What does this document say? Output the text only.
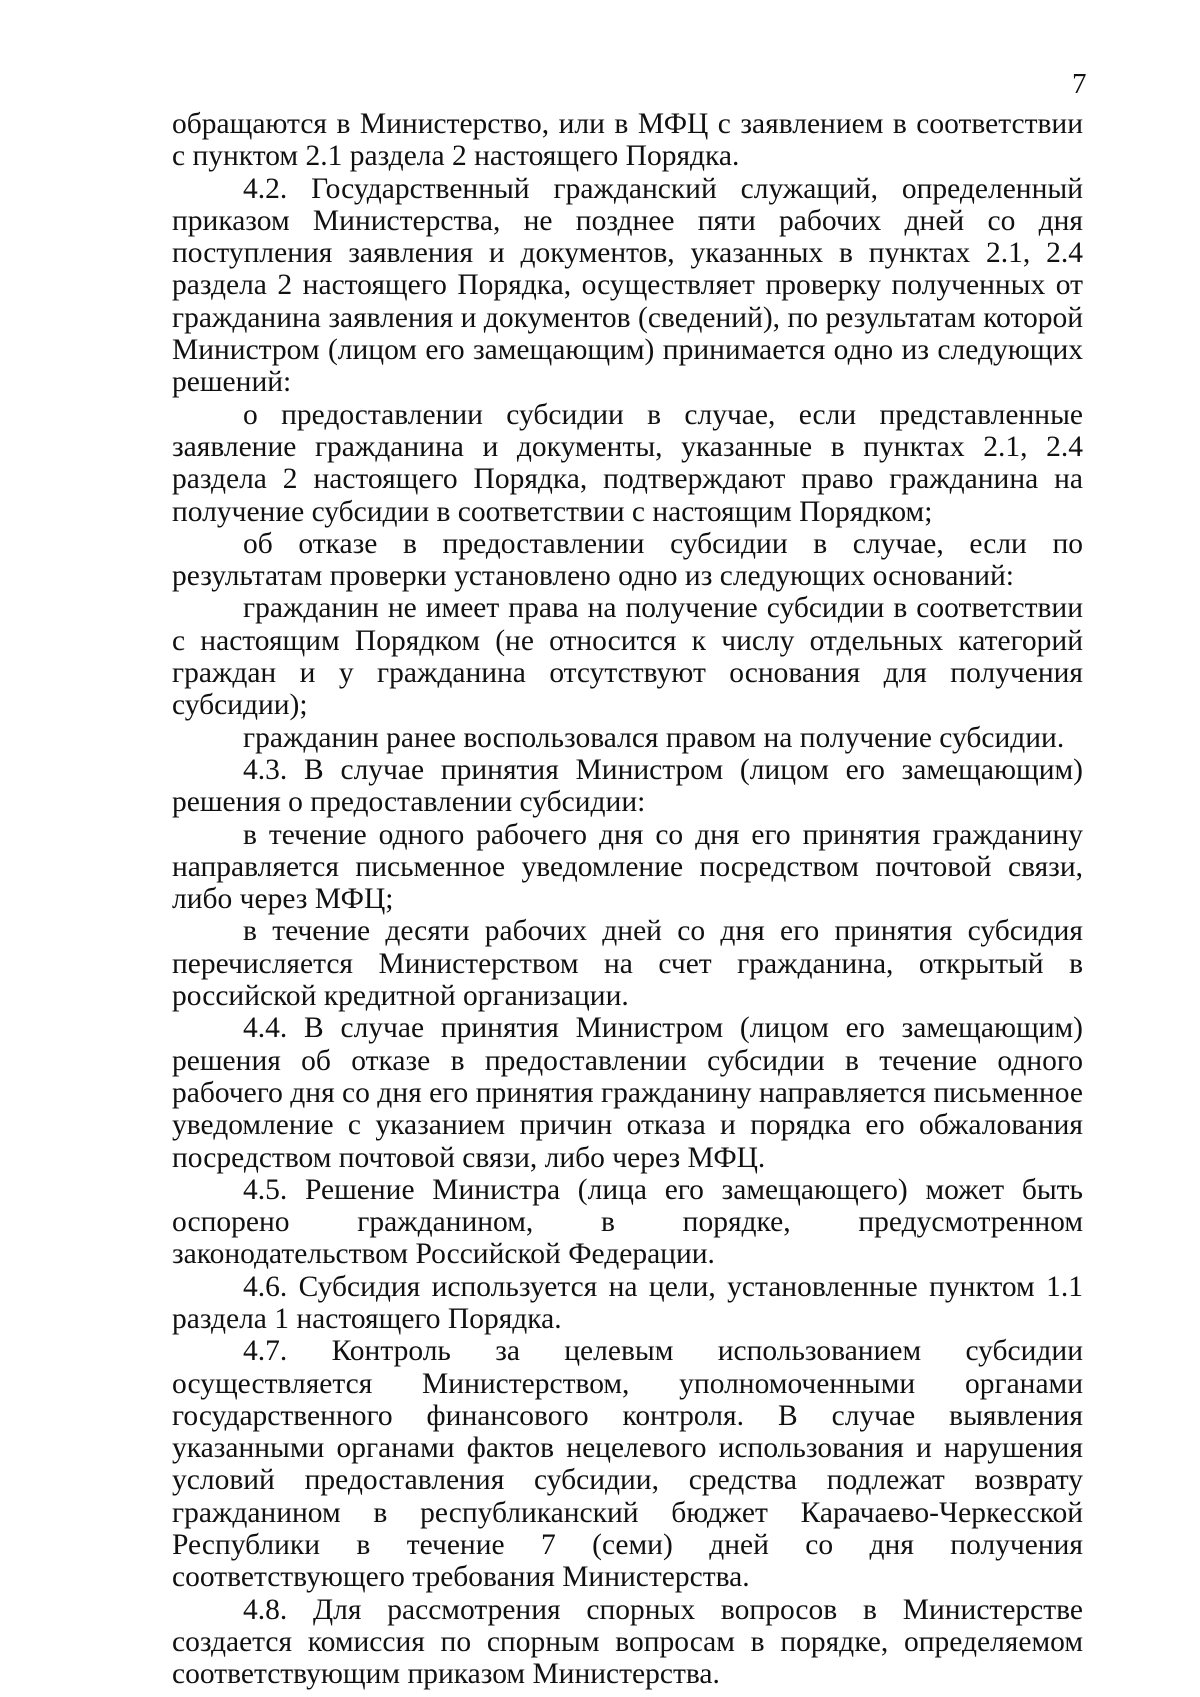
7

обращаются в Министерство, или в МФЦ с заявлением в соответствии с пунктом 2.1 раздела 2 настоящего Порядка.

4.2. Государственный гражданский служащий, определенный приказом Министерства, не позднее пяти рабочих дней со дня поступления заявления и документов, указанных в пунктах 2.1, 2.4 раздела 2 настоящего Порядка, осуществляет проверку полученных от гражданина заявления и документов (сведений), по результатам которой Министром (лицом его замещающим) принимается одно из следующих решений:

о предоставлении субсидии в случае, если представленные заявление гражданина и документы, указанные в пунктах 2.1, 2.4 раздела 2 настоящего Порядка, подтверждают право гражданина на получение субсидии в соответствии с настоящим Порядком;

об отказе в предоставлении субсидии в случае, если по результатам проверки установлено одно из следующих оснований:

гражданин не имеет права на получение субсидии в соответствии с настоящим Порядком (не относится к числу отдельных категорий граждан и у гражданина отсутствуют основания для получения субсидии);

гражданин ранее воспользовался правом на получение субсидии.

4.3. В случае принятия Министром (лицом его замещающим) решения о предоставлении субсидии:

в течение одного рабочего дня со дня его принятия гражданину направляется письменное уведомление посредством почтовой связи, либо через МФЦ;

в течение десяти рабочих дней со дня его принятия субсидия перечисляется Министерством на счет гражданина, открытый в российской кредитной организации.

4.4. В случае принятия Министром (лицом его замещающим) решения об отказе в предоставлении субсидии в течение одного рабочего дня со дня его принятия гражданину направляется письменное уведомление с указанием причин отказа и порядка его обжалования посредством почтовой связи, либо через МФЦ.

4.5. Решение Министра (лица его замещающего) может быть оспорено гражданином, в порядке, предусмотренном законодательством Российской Федерации.

4.6. Субсидия используется на цели, установленные пунктом 1.1 раздела 1 настоящего Порядка.

4.7. Контроль за целевым использованием субсидии осуществляется Министерством, уполномоченными органами государственного финансового контроля. В случае выявления указанными органами фактов нецелевого использования и нарушения условий предоставления субсидии, средства подлежат возврату гражданином в республиканский бюджет Карачаево-Черкесской Республики в течение 7 (семи) дней со дня получения соответствующего требования Министерства.

4.8. Для рассмотрения спорных вопросов в Министерстве создается комиссия по спорным вопросам в порядке, определяемом соответствующим приказом Министерства.
